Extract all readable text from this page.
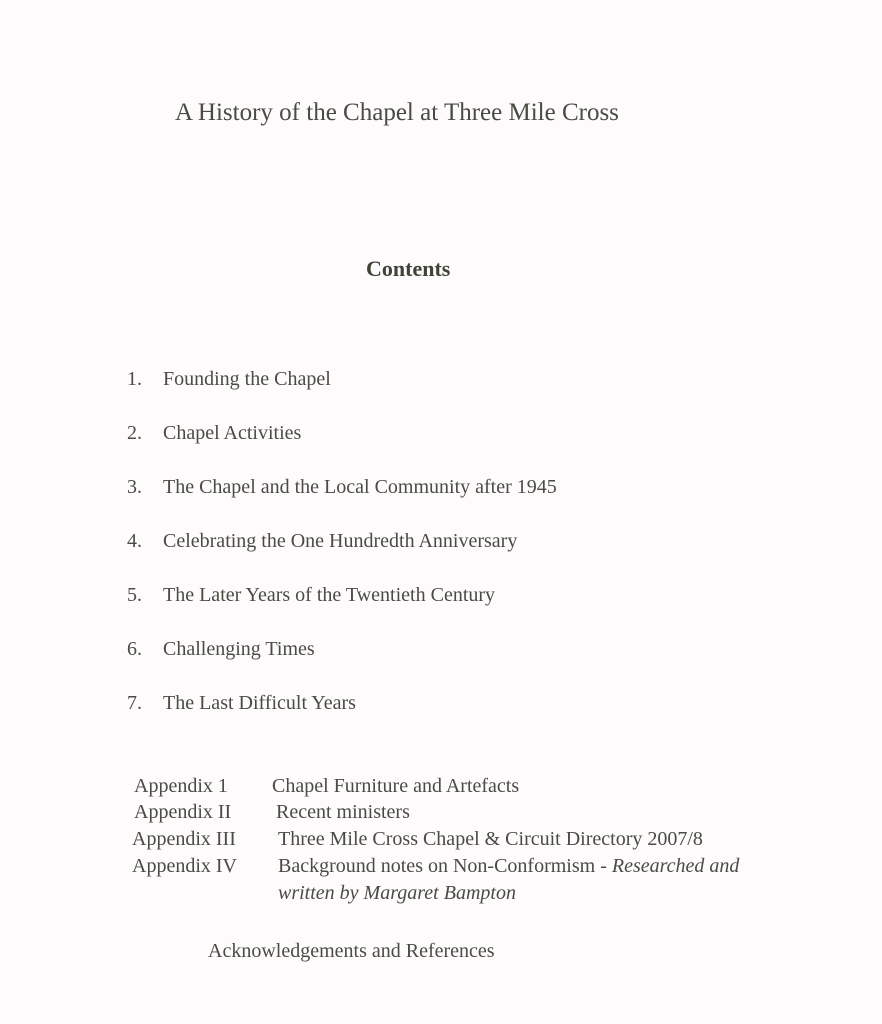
A History of the Chapel at Three Mile Cross
Contents
1. Founding the Chapel
2. Chapel Activities
3. The Chapel and the Local Community after 1945
4. Celebrating the One Hundredth Anniversary
5. The Later Years of the Twentieth Century
6. Challenging Times
7. The Last Difficult Years
Appendix 1 Chapel Furniture and Artefacts
Appendix II Recent ministers
Appendix III Three Mile Cross Chapel & Circuit Directory 2007/8
Appendix IV Background notes on Non-Conformism - Researched and
written by Margaret Bampton
Acknowledgements and References
